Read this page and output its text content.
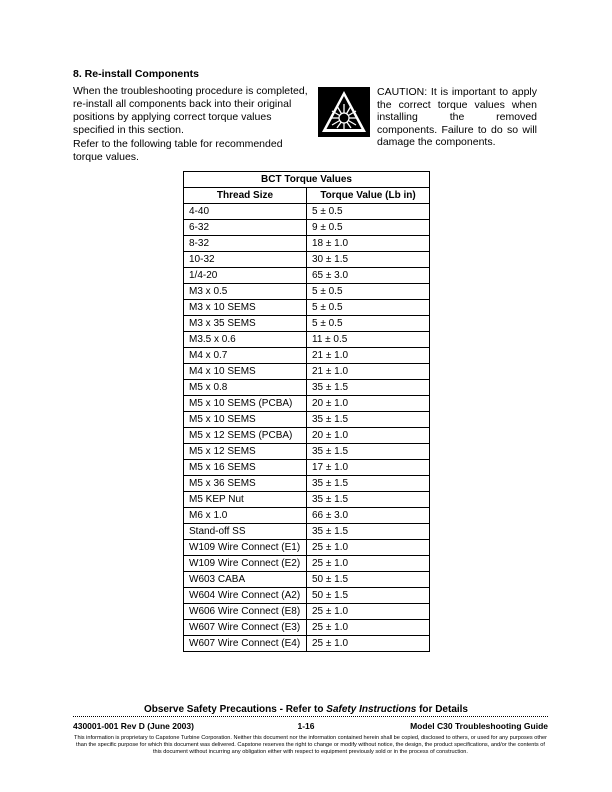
8. Re-install Components
When the troubleshooting procedure is completed, re-install all components back into their original positions by applying correct torque values specified in this section.
Refer to the following table for recommended torque values.
CAUTION: It is important to apply the correct torque values when installing the removed components. Failure to do so will damage the components.
BCT Torque Values	
Thread Size	Torque Value (Lb in)
4-40	5 ± 0.5
6-32	9 ± 0.5
8-32	18 ± 1.0
10-32	30 ± 1.5
1/4-20	65 ± 3.0
M3 x 0.5	5 ± 0.5
M3 x 10 SEMS	5 ± 0.5
M3 x 35 SEMS	5 ± 0.5
M3.5 x 0.6	11 ± 0.5
M4 x 0.7	21 ± 1.0
M4 x 10 SEMS	21 ± 1.0
M5 x 0.8	35 ± 1.5
M5 x 10 SEMS (PCBA)	20 ± 1.0
M5 x 10 SEMS	35 ± 1.5
M5 x 12 SEMS (PCBA)	20 ± 1.0
M5 x 12 SEMS	35 ± 1.5
M5 x 16 SEMS	17 ± 1.0
M5 x 36 SEMS	35 ± 1.5
M5 KEP Nut	35 ± 1.5
M6 x 1.0	66 ± 3.0
Stand-off SS	35 ± 1.5
W109 Wire Connect (E1)	25 ± 1.0
W109 Wire Connect (E2)	25 ± 1.0
W603 CABA	50 ± 1.5
W604 Wire Connect (A2)	50 ± 1.5
W606 Wire Connect (E8)	25 ± 1.0
W607 Wire Connect (E3)	25 ± 1.0
W607 Wire Connect (E4)	25 ± 1.0
Observe Safety Precautions - Refer to Safety Instructions for Details
430001-001 Rev D (June 2003)	1-16	Model C30 Troubleshooting Guide
This information is proprietary to Capstone Turbine Corporation. Neither this document nor the information contained herein shall be copied, disclosed to others, or used for any purposes other than the specific purpose for which this document was delivered. Capstone reserves the right to change or modify without notice, the design, the product specifications, and/or the contents of this document without incurring any obligation either with respect to equipment previously sold or in the process of construction.
